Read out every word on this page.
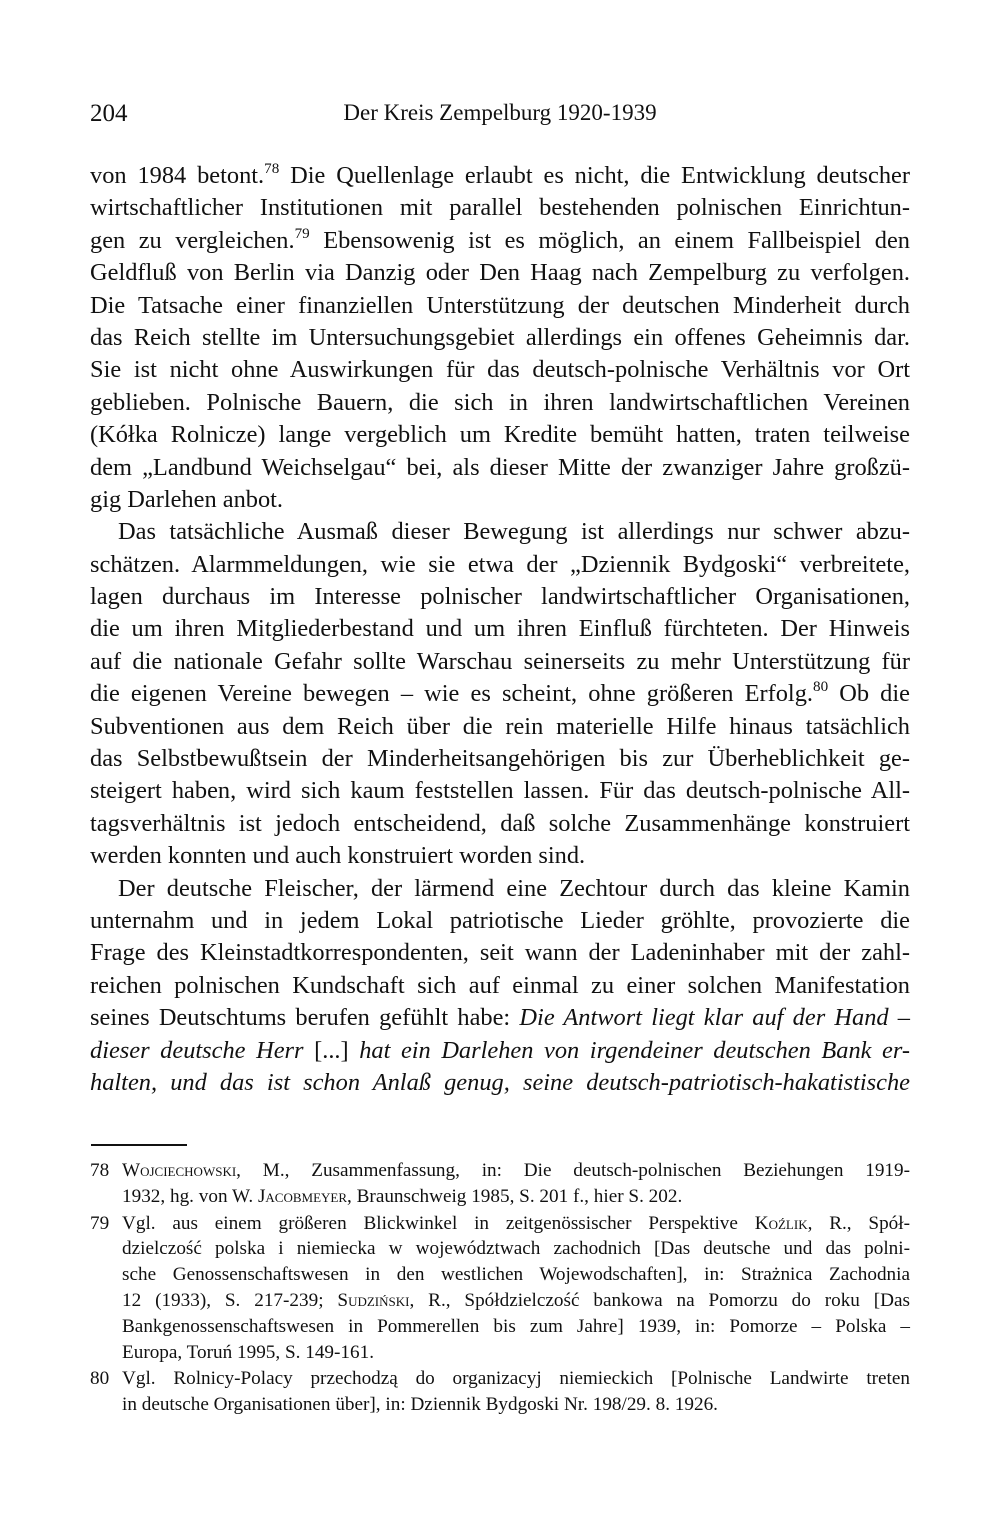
204	Der Kreis Zempelburg 1920-1939

von 1984 betont.$^{78}$ Die Quellenlage erlaubt es nicht, die Entwicklung deutscher
wirtschaftlicher Institutionen mit parallel bestehenden polnischen Einrichtun-
gen zu vergleichen.$^{79}$ Ebensowenig ist es möglich, an einem Fallbeispiel den
Geldfluß von Berlin via Danzig oder Den Haag nach Zempelburg zu verfolgen.
Die Tatsache einer finanziellen Unterstützung der deutschen Minderheit durch
das Reich stellte im Untersuchungsgebiet allerdings ein offenes Geheimnis dar.
Sie ist nicht ohne Auswirkungen für das deutsch-polnische Verhältnis vor Ort
geblieben. Polnische Bauern, die sich in ihren landwirtschaftlichen Vereinen
(Kółka Rolnicze) lange vergeblich um Kredite bemüht hatten, traten teilweise
dem „Landbund Weichselgau“ bei, als dieser Mitte der zwanziger Jahre großzü-
gig Darlehen anbot.

Das tatsächliche Ausmaß dieser Bewegung ist allerdings nur schwer abzu-
schätzen. Alarmmeldungen, wie sie etwa der „Dziennik Bydgoski“ verbreitete,
lagen durchaus im Interesse polnischer landwirtschaftlicher Organisationen,
die um ihren Mitgliederbestand und um ihren Einfluß fürchteten. Der Hinweis
auf die nationale Gefahr sollte Warschau seinerseits zu mehr Unterstützung für
die eigenen Vereine bewegen – wie es scheint, ohne größeren Erfolg.$^{80}$ Ob die
Subventionen aus dem Reich über die rein materielle Hilfe hinaus tatsächlich
das Selbstbewußtsein der Minderheitsangehörigen bis zur Überheblichkeit ge-
steigert haben, wird sich kaum feststellen lassen. Für das deutsch-polnische All-
tagsverhältnis ist jedoch entscheidend, daß solche Zusammenhänge konstruiert
werden konnten und auch konstruiert worden sind.

Der deutsche Fleischer, der lärmend eine Zechtour durch das kleine Kamin
unternahm und in jedem Lokal patriotische Lieder gröhlte, provozierte die
Frage des Kleinstadtkorrespondenten, seit wann der Ladeninhaber mit der zahl-
reichen polnischen Kundschaft sich auf einmal zu einer solchen Manifestation
seines Deutschtums berufen gefühlt habe: Die Antwort liegt klar auf der Hand –
dieser deutsche Herr [...] hat ein Darlehen von irgendeiner deutschen Bank er-
halten, und das ist schon Anlaß genug, seine deutsch-patriotisch-hakatistische

78 Wojciechowski, M., Zusammenfassung, in: Die deutsch-polnischen Beziehungen 1919-
1932, hg. von W. Jacobmeyer, Braunschweig 1985, S. 201 f., hier S. 202.
79 Vgl. aus einem größeren Blickwinkel in zeitgenössischer Perspektive Koźlik, R., Spół-
dzielczość polska i niemiecka w województwach zachodnich [Das deutsche und das polni-
sche Genossenschaftswesen in den westlichen Wojewodschaften], in: Strażnica Zachodnia
12 (1933), S. 217-239; Sudziński, R., Spółdzielczość bankowa na Pomorzu do roku [Das
Bankgenossenschaftswesen in Pommerellen bis zum Jahre] 1939, in: Pomorze – Polska –
Europa, Toruń 1995, S. 149-161.
80 Vgl. Rolnicy-Polacy przechodzą do organizacyj niemieckich [Polnische Landwirte treten
in deutsche Organisationen über], in: Dziennik Bydgoski Nr. 198/29. 8. 1926.
